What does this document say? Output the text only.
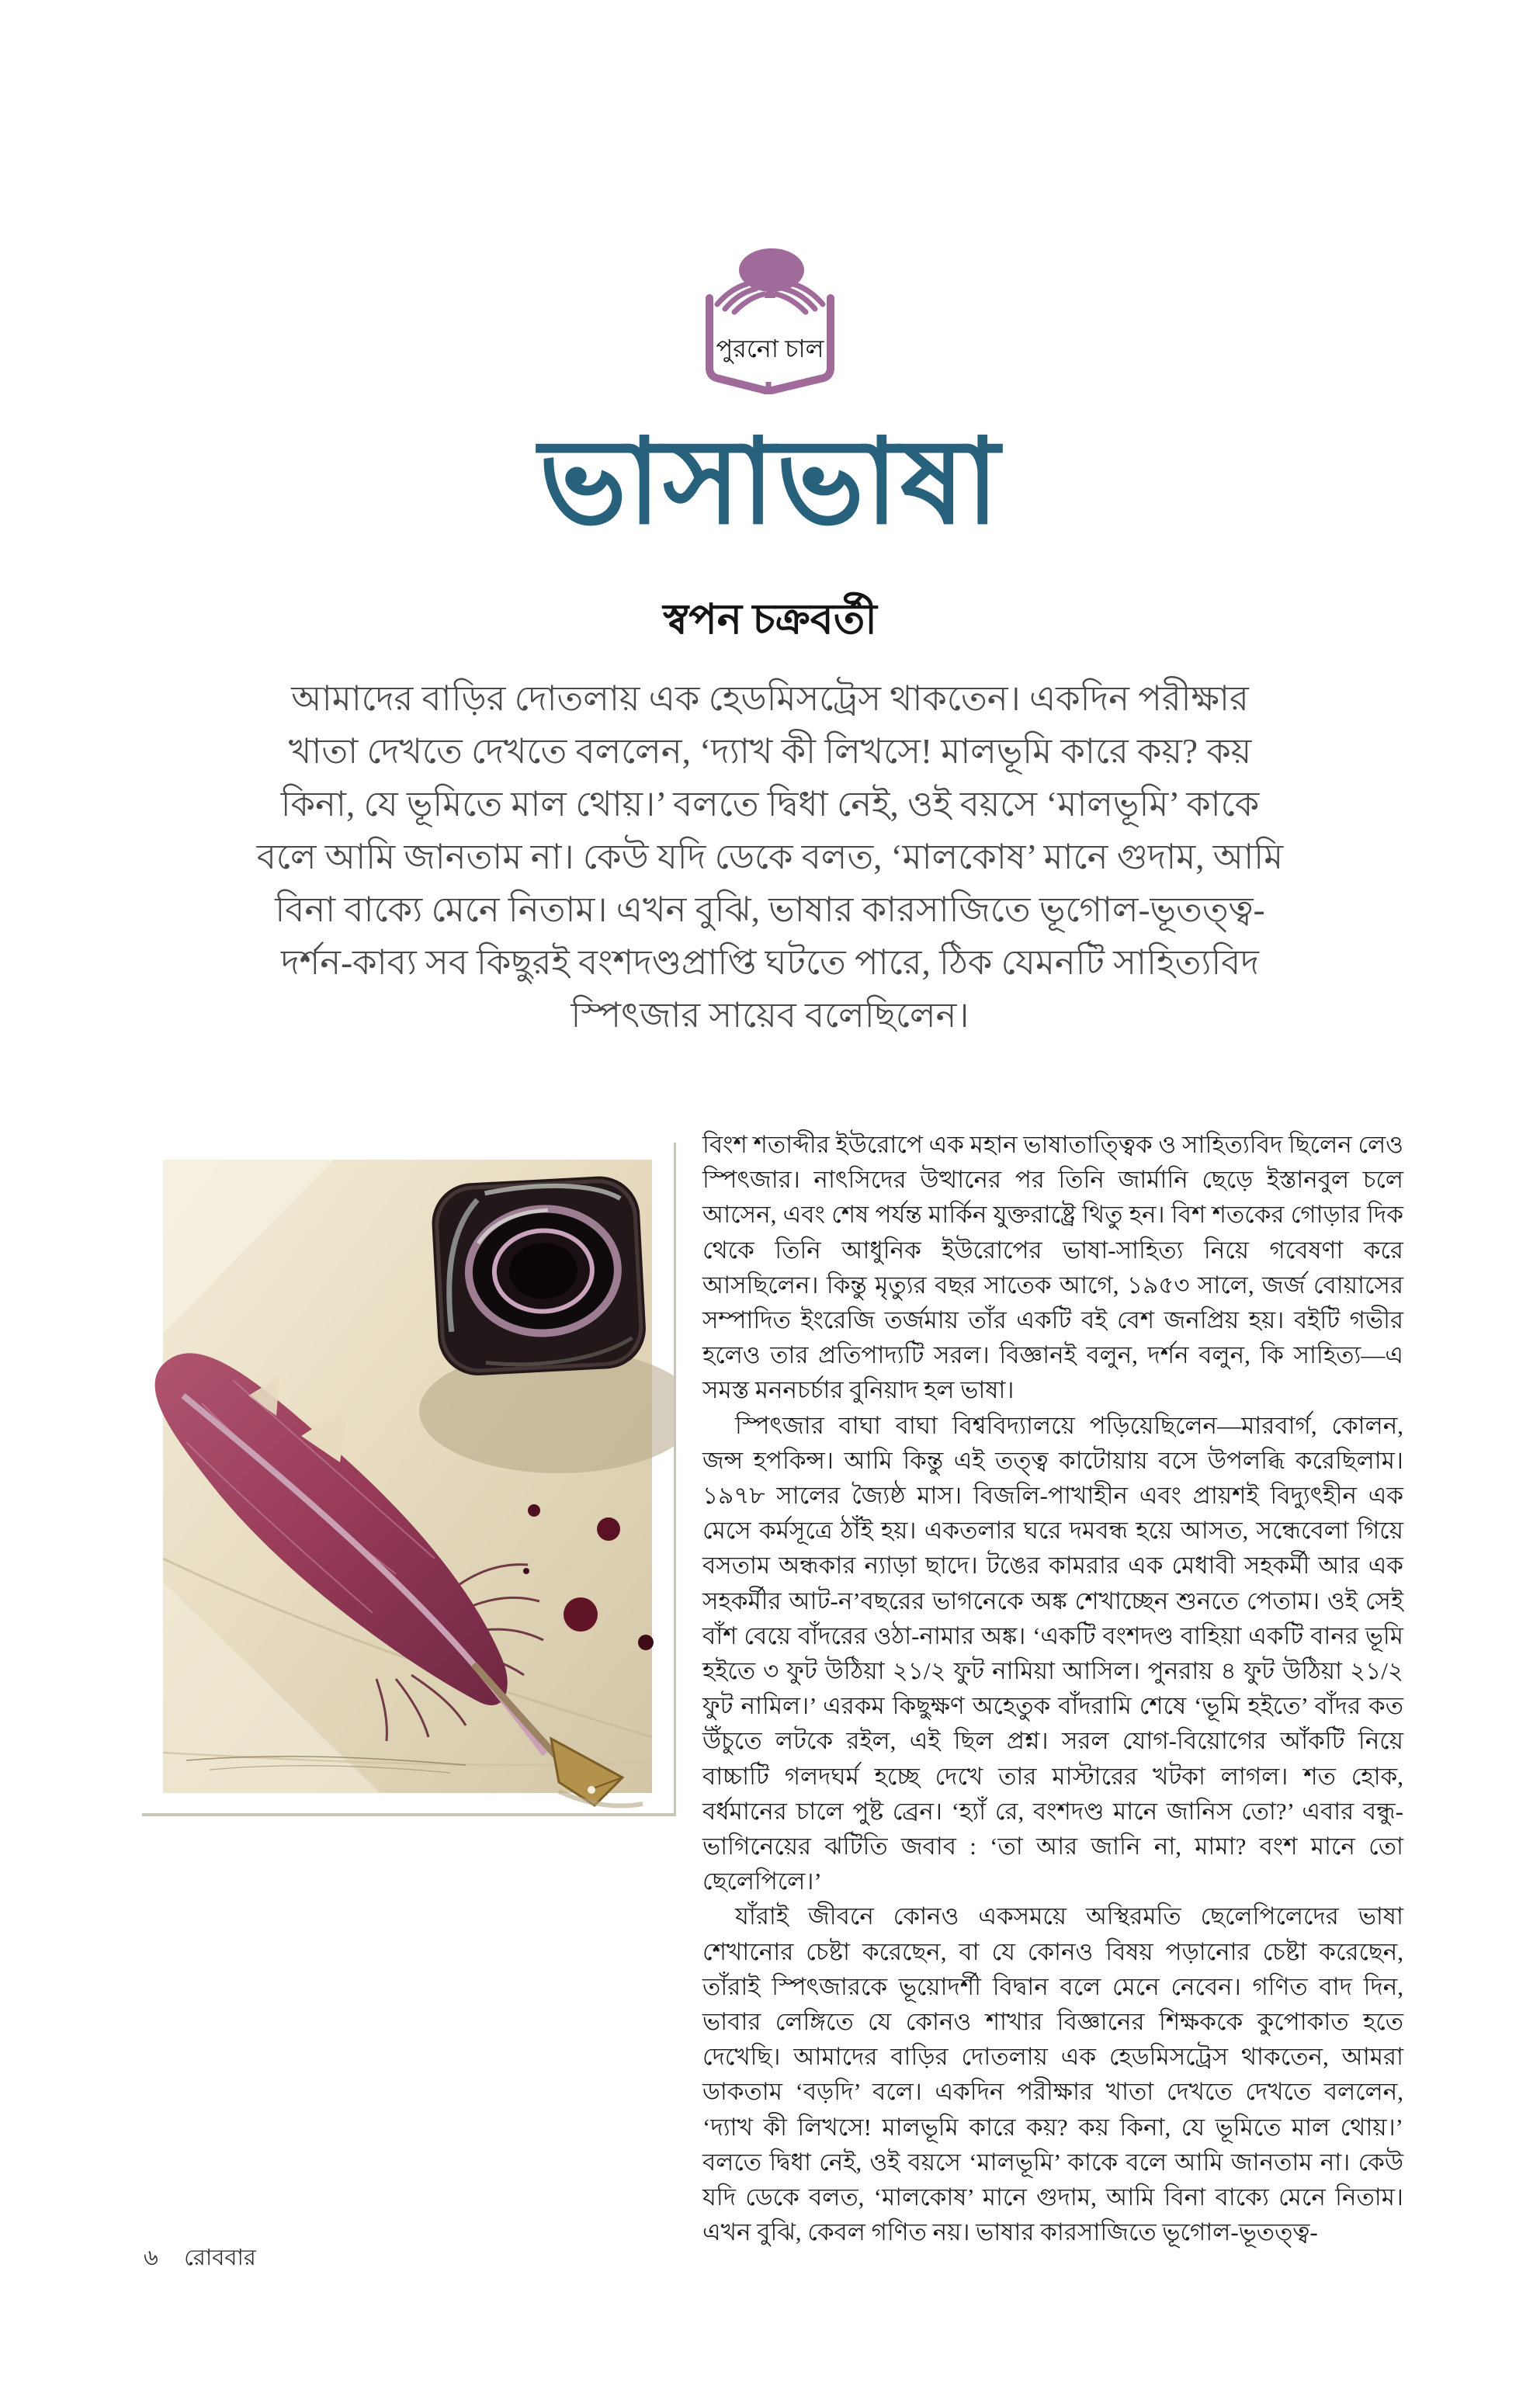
পুরনো চাল
ভাসাভাষা
স্বপন চক্রবর্তী
আমাদের বাড়ির দোতলায় এক হেডমিসট্রেস থাকতেন। একদিন পরীক্ষার
খাতা দেখতে দেখতে বললেন, ‘দ্যাখ কী লিখসে! মালভূমি কারে কয়? কয়
কিনা, যে ভূমিতে মাল থোয়।’ বলতে দ্বিধা নেই, ওই বয়সে ‘মালভূমি’ কাকে
বলে আমি জানতাম না। কেউ যদি ডেকে বলত, ‘মালকোষ’ মানে গুদাম, আমি
বিনা বাক্যে মেনে নিতাম। এখন বুঝি, ভাষার কারসাজিতে ভূগোল-ভূতত্ত্ব-
দর্শন-কাব্য সব কিছুরই বংশদণ্ডপ্রাপ্তি ঘটতে পারে, ঠিক যেমনটি সাহিত্যবিদ
স্পিৎজার সায়েব বলেছিলেন।

বিংশ শতাব্দীর ইউরোপে এক মহান ভাষাতাত্ত্বিক ও সাহিত্যবিদ ছিলেন লেও স্পিৎজার। নাৎসিদের উত্থানের পর তিনি জার্মানি ছেড়ে ইস্তানবুল চলে আসেন, এবং শেষ পর্যন্ত মার্কিন যুক্তরাষ্ট্রে থিতু হন। বিশ শতকের গোড়ার দিক থেকে তিনি আধুনিক ইউরোপের ভাষা-সাহিত্য নিয়ে গবেষণা করে আসছিলেন। কিন্তু মৃত্যুর বছর সাতেক আগে, ১৯৫৩ সালে, জর্জ বোয়াসের সম্পাদিত ইংরেজি তর্জমায় তাঁর একটি বই বেশ জনপ্রিয় হয়। বইটি গভীর হলেও তার প্রতিপাদ্যটি সরল। বিজ্ঞানই বলুন, দর্শন বলুন, কি সাহিত্য—এ সমস্ত মননচর্চার বুনিয়াদ হল ভাষা।

স্পিৎজার বাঘা বাঘা বিশ্ববিদ্যালয়ে পড়িয়েছিলেন—মারবার্গ, কোলন, জন্স হপকিন্স। আমি কিন্তু এই তত্ত্ব কাটোয়ায় বসে উপলব্ধি করেছিলাম। ১৯৭৮ সালের জ্যৈষ্ঠ মাস। বিজলি-পাখাহীন এবং প্রায়শই বিদ্যুৎহীন এক মেসে কর্মসূত্রে ঠাঁই হয়। একতলার ঘরে দমবন্ধ হয়ে আসত, সন্ধেবেলা গিয়ে বসতাম অন্ধকার ন্যাড়া ছাদে। টঙের কামরার এক মেধাবী সহকর্মী আর এক সহকর্মীর আট-ন’বছরের ভাগনেকে অঙ্ক শেখাচ্ছেন শুনতে পেতাম। ওই সেই বাঁশ বেয়ে বাঁদরের ওঠা-নামার অঙ্ক। ‘একটি বংশদণ্ড বাহিয়া একটি বানর ভূমি হইতে ৩ ফুট উঠিয়া ২১/২ ফুট নামিয়া আসিল। পুনরায় ৪ ফুট উঠিয়া ২১/২ ফুট নামিল।’ এরকম কিছুক্ষণ অহেতুক বাঁদরামি শেষে ‘ভূমি হইতে’ বাঁদর কত উঁচুতে লটকে রইল, এই ছিল প্রশ্ন। সরল যোগ-বিয়োগের আঁকটি নিয়ে বাচ্চাটি গলদঘর্ম হচ্ছে দেখে তার মাস্টারের খটকা লাগল। শত হোক, বর্ধমানের চালে পুষ্ট ব্রেন। ‘হ্যাঁ রে, বংশদণ্ড মানে জানিস তো?’ এবার বন্ধু-ভাগিনেয়ের ঝটিতি জবাব : ‘তা আর জানি না, মামা? বংশ মানে তো ছেলেপিলে।’

যাঁরাই জীবনে কোনও একসময়ে অস্থিরমতি ছেলেপিলেদের ভাষা শেখানোর চেষ্টা করেছেন, বা যে কোনও বিষয় পড়ানোর চেষ্টা করেছেন, তাঁরাই স্পিৎজারকে ভূয়োদর্শী বিদ্বান বলে মেনে নেবেন। গণিত বাদ দিন, ভাবার লেঙ্গিতে যে কোনও শাখার বিজ্ঞানের শিক্ষককে কুপোকাত হতে দেখেছি। আমাদের বাড়ির দোতলায় এক হেডমিসট্রেস থাকতেন, আমরা ডাকতাম ‘বড়দি’ বলে। একদিন পরীক্ষার খাতা দেখতে দেখতে বললেন, ‘দ্যাখ কী লিখসে! মালভূমি কারে কয়? কয় কিনা, যে ভূমিতে মাল থোয়।’ বলতে দ্বিধা নেই, ওই বয়সে ‘মালভূমি’ কাকে বলে আমি জানতাম না। কেউ যদি ডেকে বলত, ‘মালকোষ’ মানে গুদাম, আমি বিনা বাক্যে মেনে নিতাম। এখন বুঝি, কেবল গণিত নয়। ভাষার কারসাজিতে ভূগোল-ভূতত্ত্ব-

৬ রোববার
